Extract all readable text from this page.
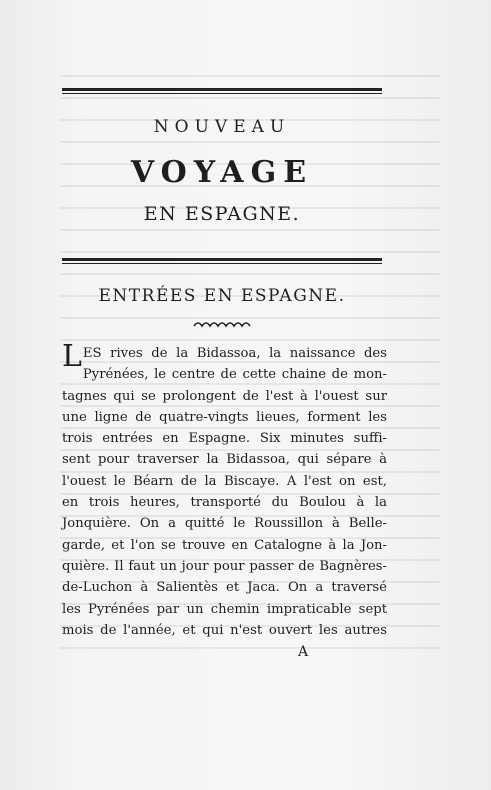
NOUVEAU
VOYAGE
EN ESPAGNE.
ENTRÉES EN ESPAGNE.
LES rives de la Bidassoa, la naissance des
Pyrénées, le centre de cette chaine de mon-
tagnes qui se prolongent de l'est à l'ouest sur
une ligne de quatre-vingts lieues, forment les
trois entrées en Espagne. Six minutes suffi-
sent pour traverser la Bidassoa, qui sépare à
l'ouest le Béarn de la Biscaye. A l'est on est,
en trois heures, transporté du Boulou à la
Jonquière. On a quitté le Roussillon à Belle-
garde, et l'on se trouve en Catalogne à la Jon-
quière. Il faut un jour pour passer de Bagnères-
de-Luchon à Salientès et Jaca. On a traversé
les Pyrénées par un chemin impraticable sept
mois de l'année, et qui n'est ouvert les autres
A
